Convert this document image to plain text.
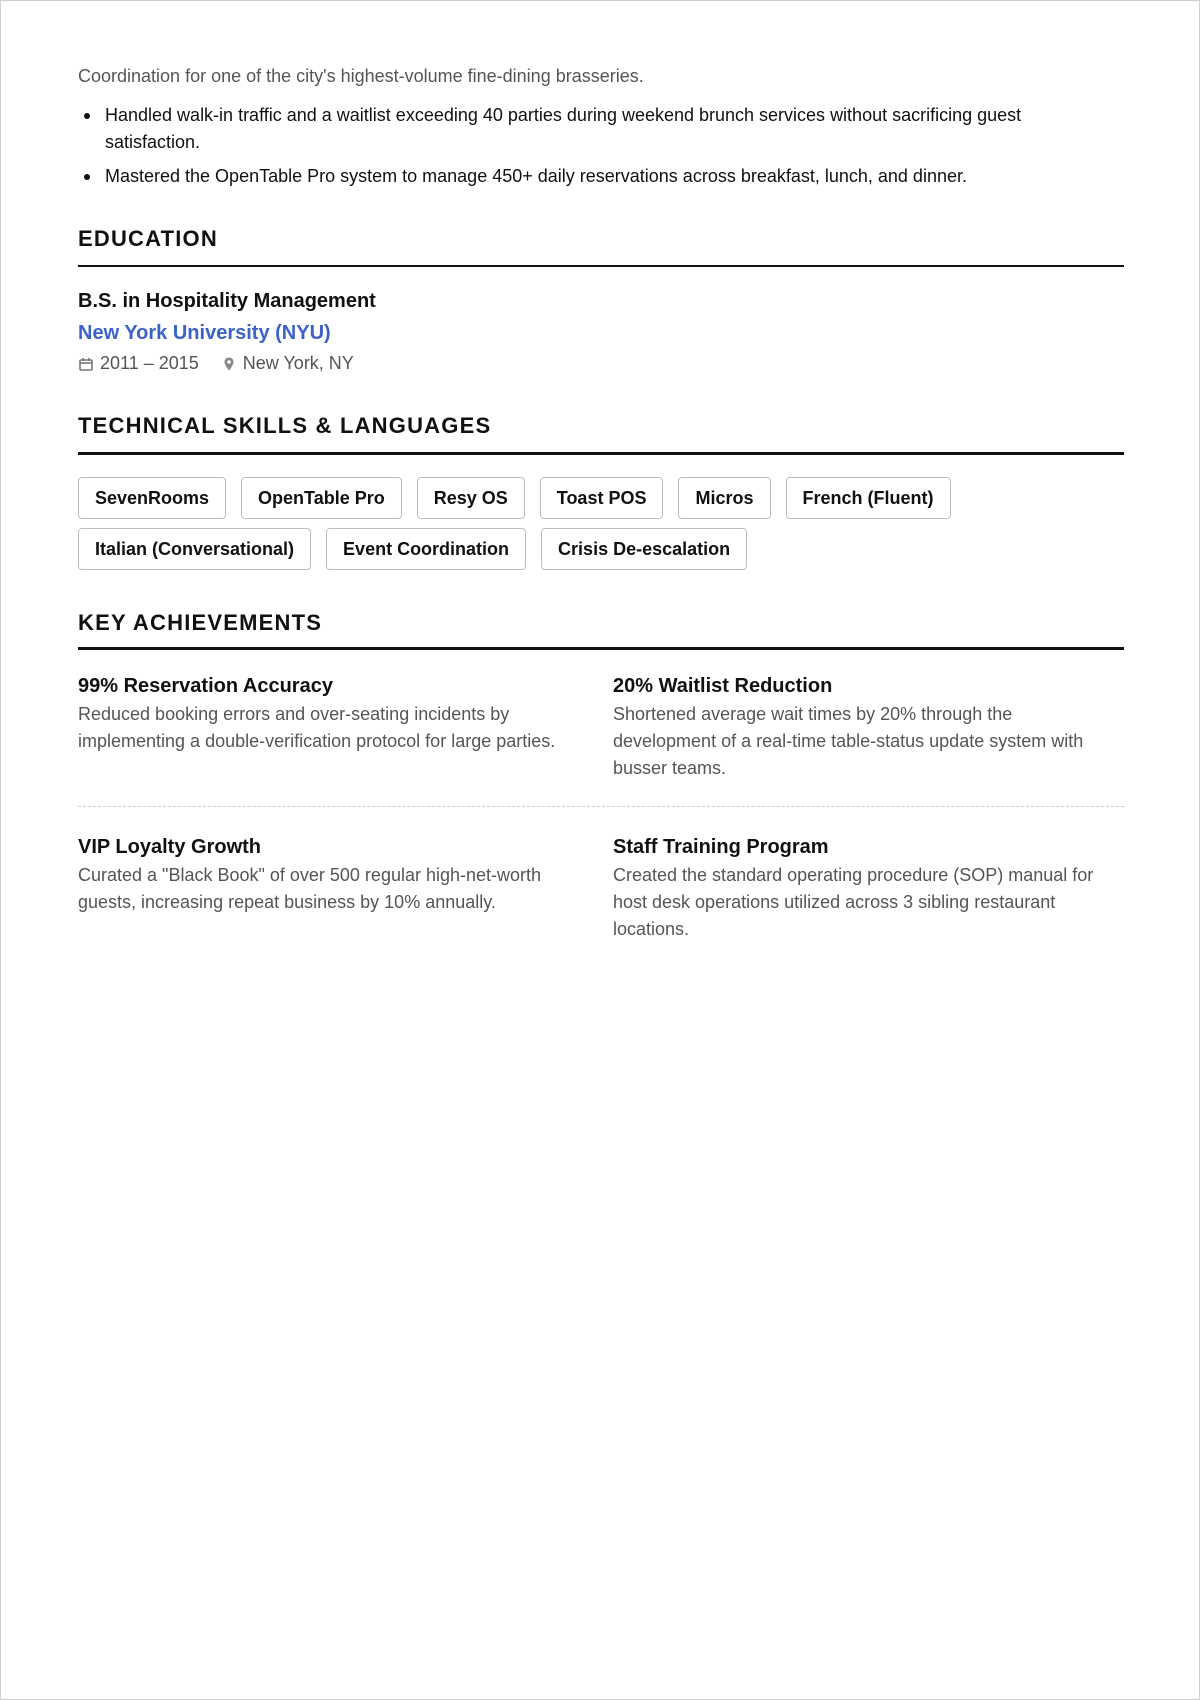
Coordination for one of the city's highest-volume fine-dining brasseries.

Handled walk-in traffic and a waitlist exceeding 40 parties during weekend brunch services without sacrificing guest satisfaction.
Mastered the OpenTable Pro system to manage 450+ daily reservations across breakfast, lunch, and dinner.
EDUCATION
B.S. in Hospitality Management
New York University (NYU)
2011 – 2015 New York, NY
TECHNICAL SKILLS & LANGUAGES
SevenRooms	OpenTable Pro	Resy OS	Toast POS	Micros	French (Fluent)
Italian (Conversational)	Event Coordination	Crisis De-escalation
KEY ACHIEVEMENTS
99% Reservation Accuracy
Reduced booking errors and over-seating incidents by implementing a double-verification protocol for large parties.
20% Waitlist Reduction
Shortened average wait times by 20% through the development of a real-time table-status update system with busser teams.
VIP Loyalty Growth
Curated a "Black Book" of over 500 regular high-net-worth guests, increasing repeat business by 10% annually.
Staff Training Program
Created the standard operating procedure (SOP) manual for host desk operations utilized across 3 sibling restaurant locations.
